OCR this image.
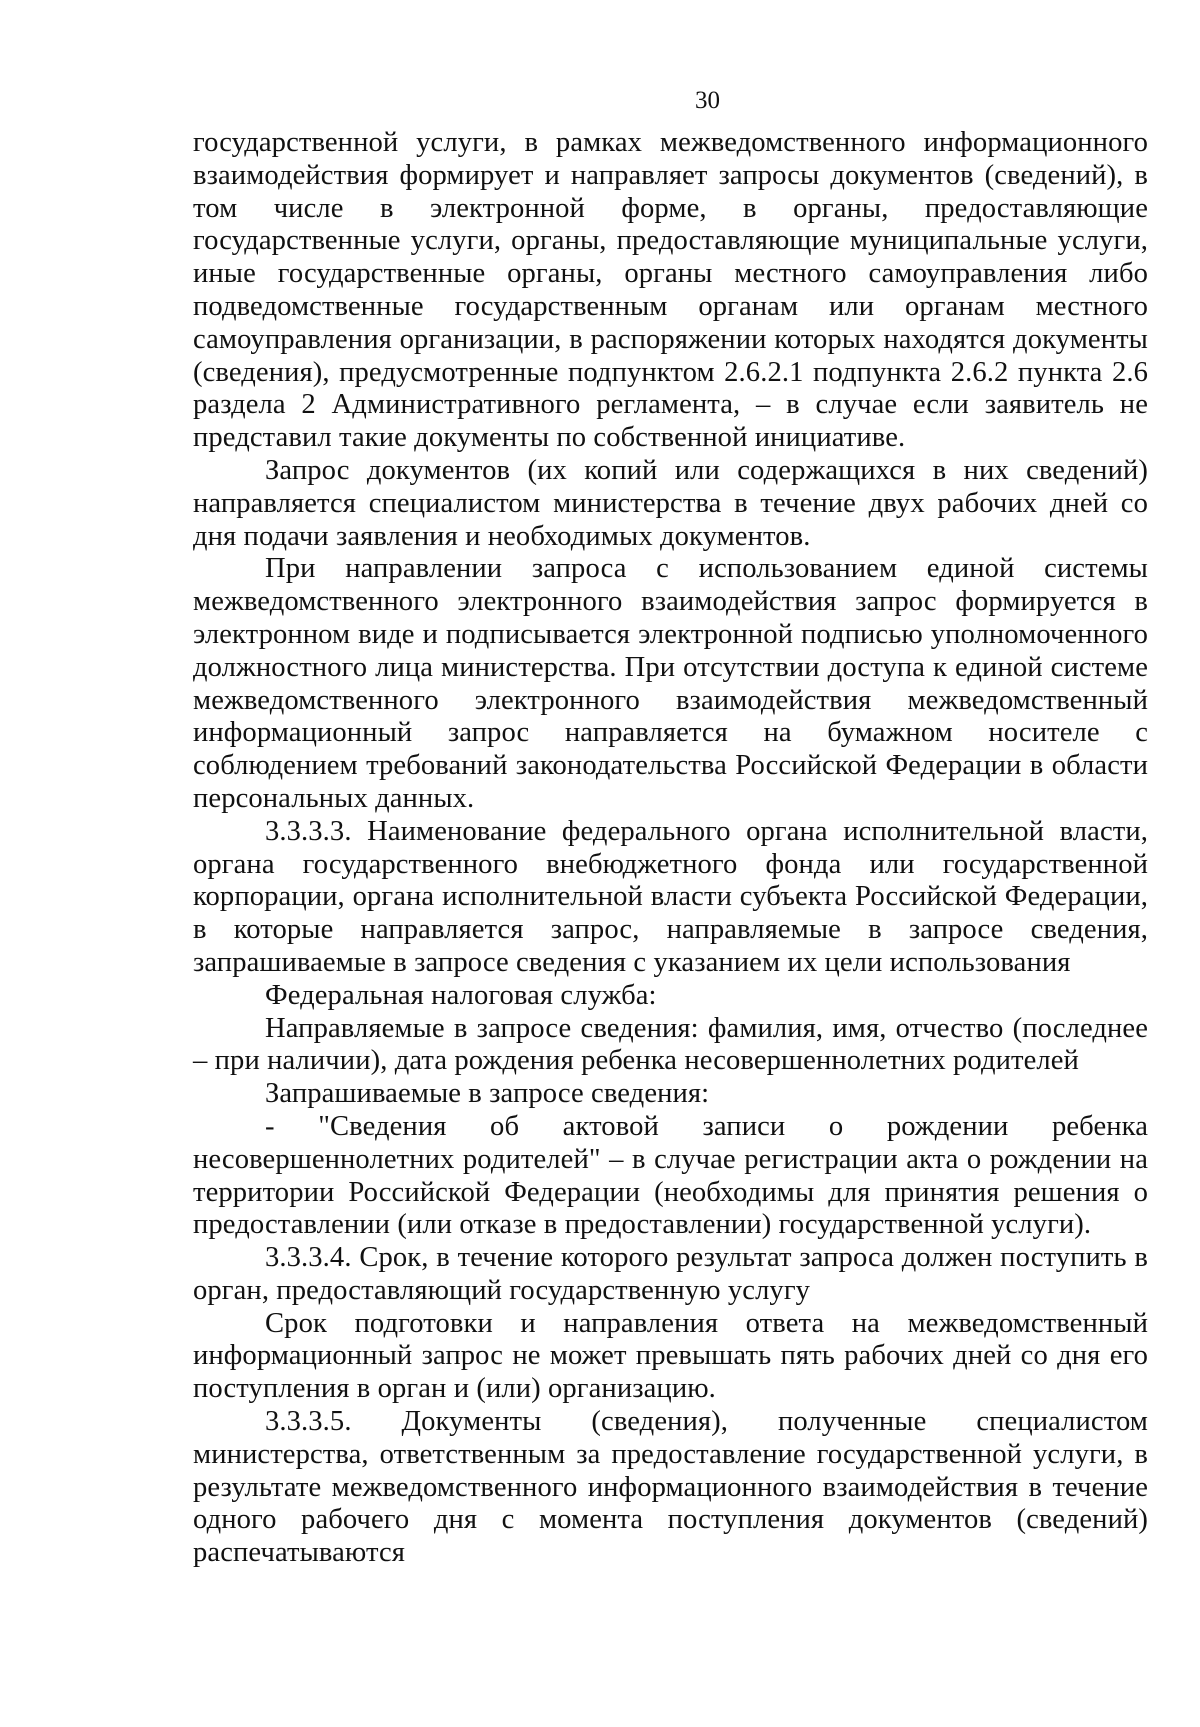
30

государственной услуги, в рамках межведомственного информационного взаимодействия формирует и направляет запросы документов (сведений), в том числе в электронной форме, в органы, предоставляющие государственные услуги, органы, предоставляющие муниципальные услуги, иные государственные органы, органы местного самоуправления либо подведомственные государственным органам или органам местного самоуправления организации, в распоряжении которых находятся документы (сведения), предусмотренные подпунктом 2.6.2.1 подпункта 2.6.2 пункта 2.6 раздела 2 Административного регламента, – в случае если заявитель не представил такие документы по собственной инициативе.

Запрос документов (их копий или содержащихся в них сведений) направляется специалистом министерства в течение двух рабочих дней со дня подачи заявления и необходимых документов.

При направлении запроса с использованием единой системы межведомственного электронного взаимодействия запрос формируется в электронном виде и подписывается электронной подписью уполномоченного должностного лица министерства. При отсутствии доступа к единой системе межведомственного электронного взаимодействия межведомственный информационный запрос направляется на бумажном носителе с соблюдением требований законодательства Российской Федерации в области персональных данных.

3.3.3.3. Наименование федерального органа исполнительной власти, органа государственного внебюджетного фонда или государственной корпорации, органа исполнительной власти субъекта Российской Федерации, в которые направляется запрос, направляемые в запросе сведения, запрашиваемые в запросе сведения с указанием их цели использования

Федеральная налоговая служба:

Направляемые в запросе сведения: фамилия, имя, отчество (последнее – при наличии), дата рождения ребенка несовершеннолетних родителей

Запрашиваемые в запросе сведения:

- "Сведения об актовой записи о рождении ребенка несовершеннолетних родителей" – в случае регистрации акта о рождении на территории Российской Федерации (необходимы для принятия решения о предоставлении (или отказе в предоставлении) государственной услуги).

3.3.3.4. Срок, в течение которого результат запроса должен поступить в орган, предоставляющий государственную услугу

Срок подготовки и направления ответа на межведомственный информационный запрос не может превышать пять рабочих дней со дня его поступления в орган и (или) организацию.

3.3.3.5. Документы (сведения), полученные специалистом министерства, ответственным за предоставление государственной услуги, в результате межведомственного информационного взаимодействия в течение одного рабочего дня с момента поступления документов (сведений) распечатываются
